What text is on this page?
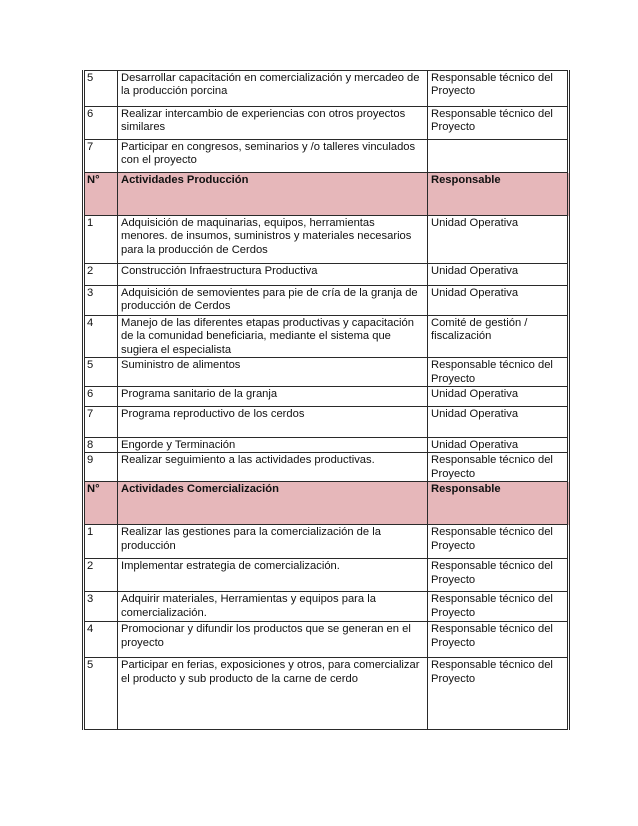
5	Desarrollar capacitación en comercialización y mercadeo de la producción porcina	Responsable técnico del Proyecto
6	Realizar intercambio de experiencias con otros proyectos similares	Responsable técnico del Proyecto
7	Participar en congresos, seminarios y /o talleres vinculados con el proyecto	
N°	Actividades Producción	Responsable
1	Adquisición de maquinarias, equipos, herramientas menores. de insumos, suministros y materiales necesarios para la producción de Cerdos	Unidad Operativa
2	Construcción Infraestructura Productiva	Unidad Operativa
3	Adquisición de semovientes para pie de cría de la granja de producción de Cerdos	Unidad Operativa
4	Manejo de las diferentes etapas productivas y capacitación de la comunidad beneficiaria, mediante el sistema que sugiera el especialista	Comité de gestión / fiscalización
5	Suministro de alimentos	Responsable técnico del Proyecto
6	Programa sanitario de la granja	Unidad Operativa
7	Programa reproductivo de los cerdos	Unidad Operativa
8	Engorde y Terminación	Unidad Operativa
9	Realizar seguimiento a las actividades productivas.	Responsable técnico del Proyecto
N°	Actividades Comercialización	Responsable
1	Realizar las gestiones para la comercialización de la producción	Responsable técnico del Proyecto
2	Implementar estrategia de comercialización.	Responsable técnico del Proyecto
3	Adquirir materiales, Herramientas y equipos para la comercialización.	Responsable técnico del Proyecto
4	Promocionar y difundir los productos que se generan en el proyecto	Responsable técnico del Proyecto
5	Participar en ferias, exposiciones y otros, para comercializar el producto y sub producto de la carne de cerdo	Responsable técnico del Proyecto
